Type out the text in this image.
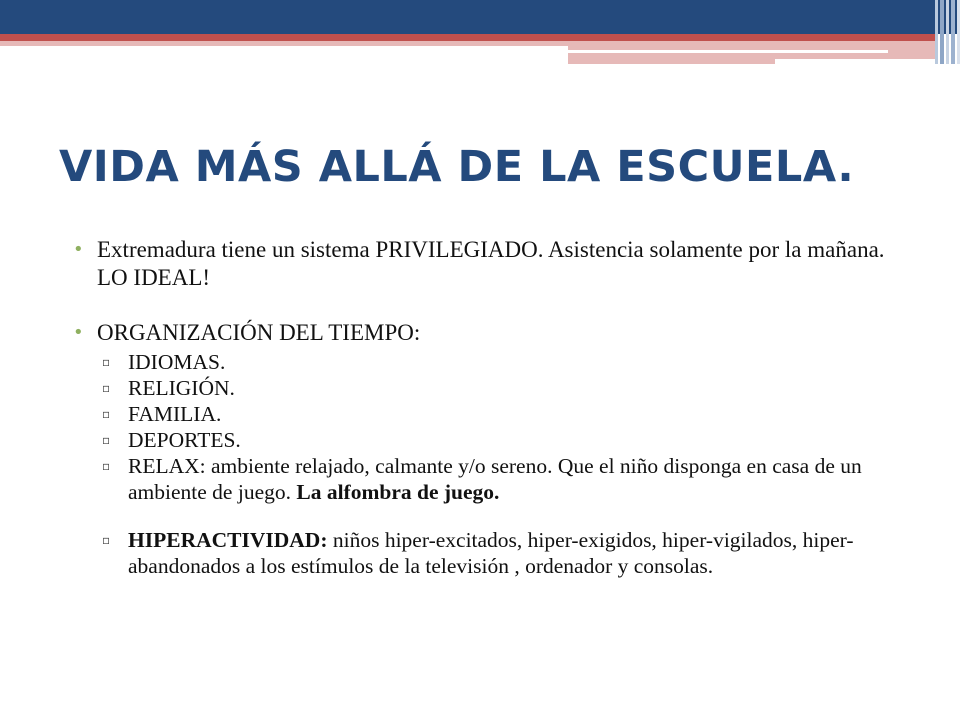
VIDA MÁS ALLÁ DE LA ESCUELA.
• Extremadura tiene un sistema PRIVILEGIADO. Asistencia solamente por la mañana. LO IDEAL!
• ORGANIZACIÓN DEL TIEMPO:
▫ IDIOMAS.
▫ RELIGIÓN.
▫ FAMILIA.
▫ DEPORTES.
▫ RELAX: ambiente relajado, calmante y/o sereno. Que el niño disponga en casa de un ambiente de juego. La alfombra de juego.
▫ HIPERACTIVIDAD: niños hiper-excitados, hiper-exigidos, hiper-vigilados, hiper-abandonados a los estímulos de la televisión , ordenador y consolas.
